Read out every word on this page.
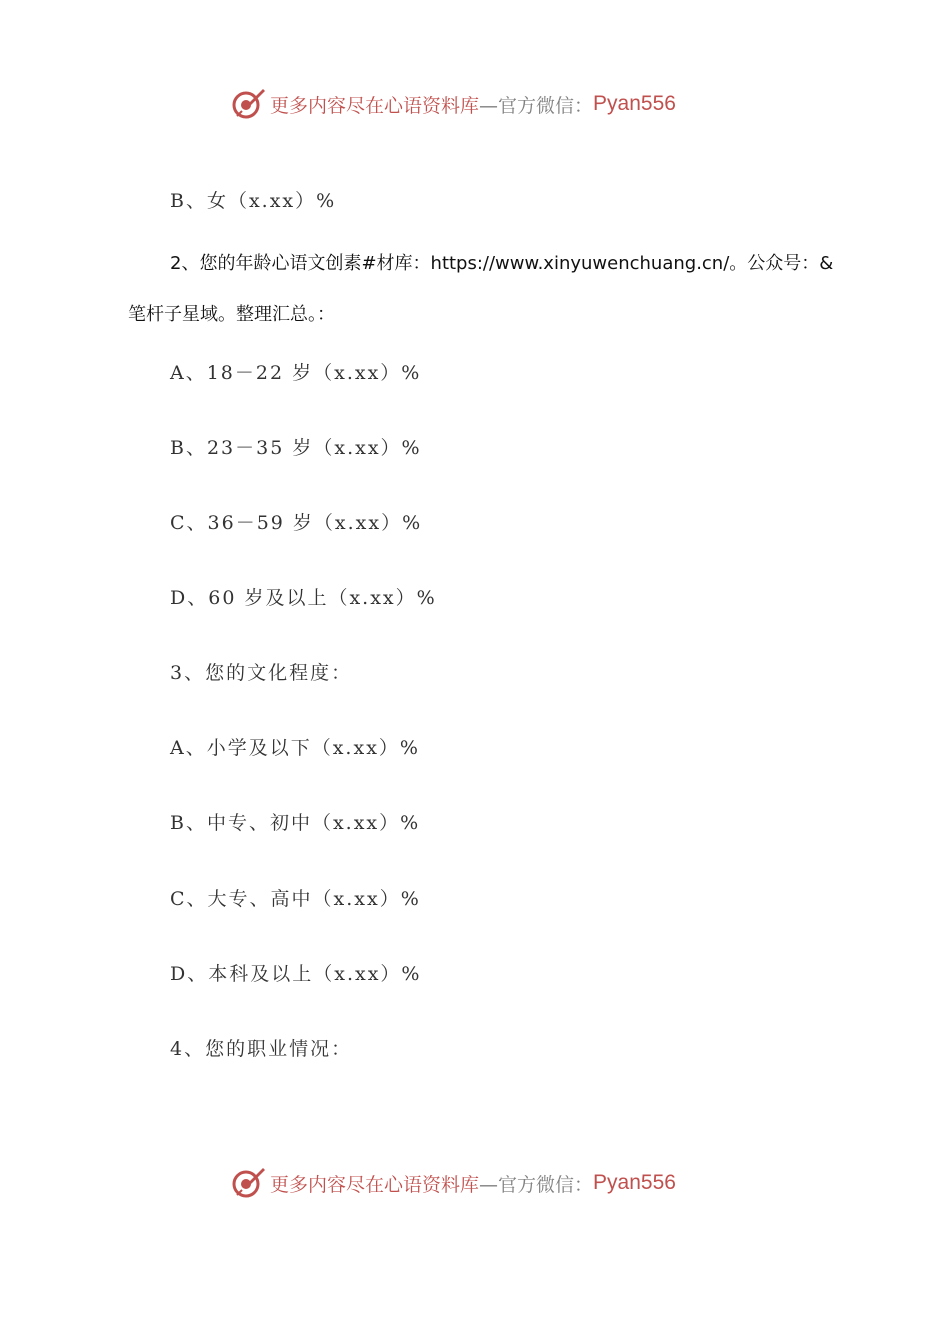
更多内容尽在心语资料库 —官方微信： Pyan556
B、女（x.xx）%
2、您的年龄心语文创素#材库：https://www.xinyuwenchuang.cn/。公众号：&
笔杆子星域。整理汇总。：
A、18－22 岁（x.xx）%
B、23－35 岁（x.xx）%
C、36－59 岁（x.xx）%
D、60 岁及以上（x.xx）%
3、您的文化程度：
A、小学及以下（x.xx）%
B、中专、初中（x.xx）%
C、大专、高中（x.xx）%
D、本科及以上（x.xx）%
4、您的职业情况：
更多内容尽在心语资料库 —官方微信： Pyan556
